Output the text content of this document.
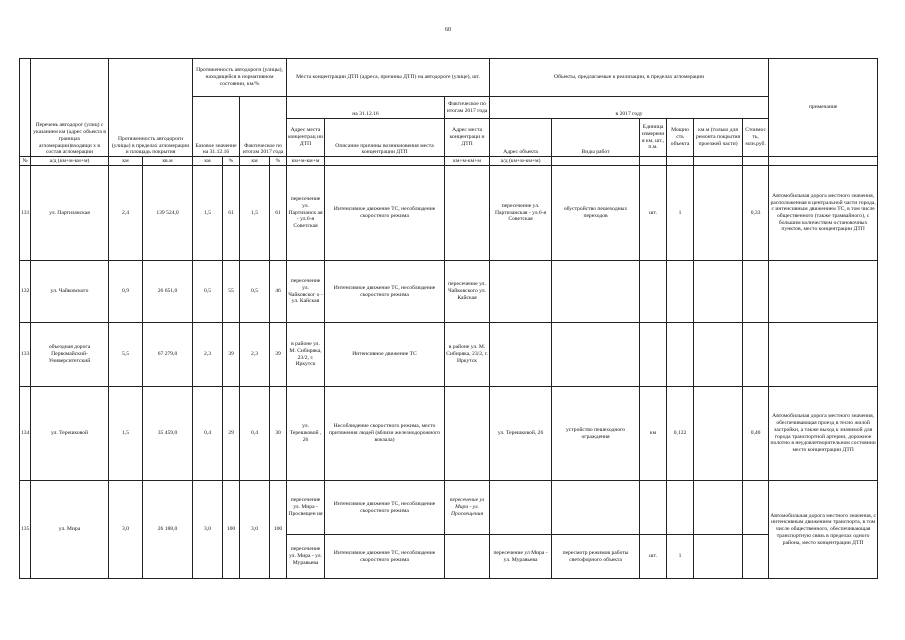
60
	Перечень автодорог (улиц) с указанием км (адрес объекта в границах агломерации)входящи х в состав агломерации	Протяженность автодороги (улицы) в пределах агломерации и площадь покрытия		Протяженность автодороги (улицы), находящейся в нормативном состоянии, км/%				Места концентрации ДТП (адреса, причины ДТП) на автодороге (улице), шт.			Объекты, предлагаемые к реализации, в пределах агломерации						примечание
				Базовое значение на 31.12.16		Фактическое по итогам 2017 года		на 31.12.16		Фактическое по итогам 2017 года	в 2017 году						
								Адрес места концентрац ии ДТП	Описание причины возникновения места концентрации ДТП	Адрес места концентраци и ДТП	Адрес объекта	Виды работ	Единица измерени я км, шт., п.м.	Мощно сть объекта	км.м (только для ремонта покрытия проезжей части)	Стоимос ть, млн.руб.	
№	а/д (км+м-км+м)	км	кв.м	км	%	км	%	км+м-км+м		км+м-км+м	а/д (км+м-км+м)						
131	ул. Партизанская	2,4	139 524,0	1,5	61	1,5	61	пересечение ул. Партизанск ая - ул.6-я Советская	Интенсивное движение ТС, несоблюдение скоростного режима		пересечение ул. Партизанская - ул.6-я Советская	обустройство пешеходных переходов	шт.	1		0,33	Автомобильная дорога местного значения, расположенная в центральной части города, с интенсивным движением ТС, в том числе общественного (также трамвайного), с большим количеством остановочных пунктов, место концентрации ДТП
132	ул. Чайковского	0,9	26 651,0	0,5	55	0,5	46	пересечение ул. Чайковског о - ул. Кайская	Интенсивное движение ТС, несоблюдение скоростного режима	пересечение ул. Чайковского ул. Кайская							
133	объездная дорога Первомайский-Университетский	5,5	67 279,0	2,3	39	2,3	39	в районе ул. М. Сибиряка, 23/2, г. Иркутск	Интенсивное движение ТС	в районе ул. М. Сибиряка, 23/2, г. Иркутск							
134	ул. Терешковой	1,5	35 459,0	0,4	29	0,4	30	ул. Терешковой , 26	Несоблюдение скоростного режима, место притяжения людей (вблизи железнодорожного вокзала)		ул. Терешковой, 26	устройство пешеходного ограждения	км	0,122		0,40	Автомобильная дорога местного значения, обеспечивающая проезд в тесно жилой застройки, а также выход к значимой для города транспортной артерии, дорожное полотно в неудовлетворительном состоянии место концентрации ДТП
135	ул. Мира	3,0	26 188,0	3,0	100	3,0	100	пересечение ул. Мира - Просвещен ия	Интенсивное движение ТС, несоблюдение скоростного режима	пересечение ул Мира - ул. Просвещения							Автомобильная дорога местного значения, с интенсивным движением транспорта, в том числе общественного, обеспечивающая транспортную связь в пределах одного района, место концентрации ДТП
								пересечение ул. Мира - ул. Муравьева	Интенсивное движение ТС, несоблюдение скоростного режима		пересечение ул Мира - ул. Муравьева	пересмотр режимов работы светофорного объекта	шт.	1			
